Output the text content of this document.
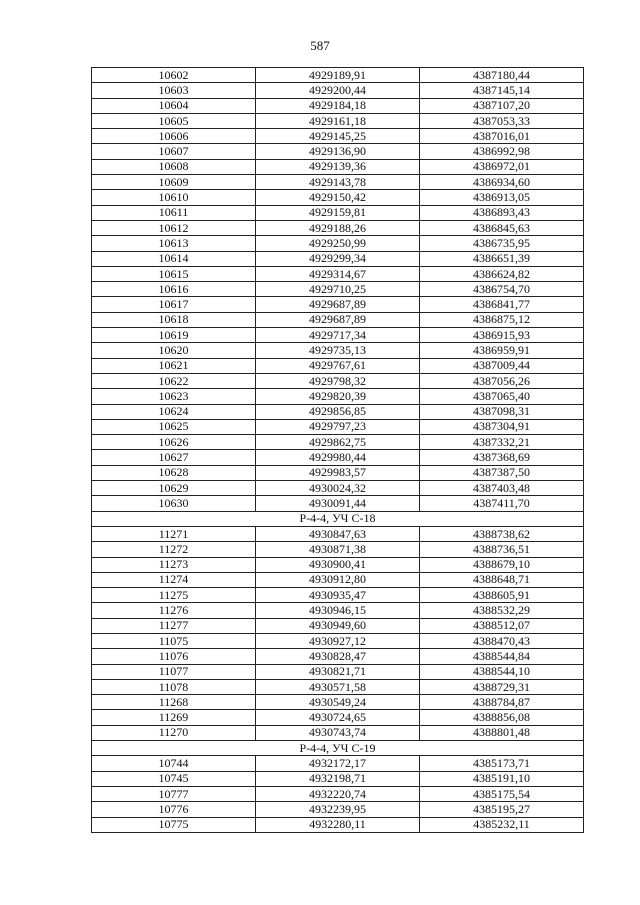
587
10602	4929189,91	4387180,44
10603	4929200,44	4387145,14
10604	4929184,18	4387107,20
10605	4929161,18	4387053,33
10606	4929145,25	4387016,01
10607	4929136,90	4386992,98
10608	4929139,36	4386972,01
10609	4929143,78	4386934,60
10610	4929150,42	4386913,05
10611	4929159,81	4386893,43
10612	4929188,26	4386845,63
10613	4929250,99	4386735,95
10614	4929299,34	4386651,39
10615	4929314,67	4386624,82
10616	4929710,25	4386754,70
10617	4929687,89	4386841,77
10618	4929687,89	4386875,12
10619	4929717,34	4386915,93
10620	4929735,13	4386959,91
10621	4929767,61	4387009,44
10622	4929798,32	4387056,26
10623	4929820,39	4387065,40
10624	4929856,85	4387098,31
10625	4929797,23	4387304,91
10626	4929862,75	4387332,21
10627	4929980,44	4387368,69
10628	4929983,57	4387387,50
10629	4930024,32	4387403,48
10630	4930091,44	4387411,70
Р-4-4, УЧ С-18		
11271	4930847,63	4388738,62
11272	4930871,38	4388736,51
11273	4930900,41	4388679,10
11274	4930912,80	4388648,71
11275	4930935,47	4388605,91
11276	4930946,15	4388532,29
11277	4930949,60	4388512,07
11075	4930927,12	4388470,43
11076	4930828,47	4388544,84
11077	4930821,71	4388544,10
11078	4930571,58	4388729,31
11268	4930549,24	4388784,87
11269	4930724,65	4388856,08
11270	4930743,74	4388801,48
Р-4-4, УЧ С-19		
10744	4932172,17	4385173,71
10745	4932198,71	4385191,10
10777	4932220,74	4385175,54
10776	4932239,95	4385195,27
10775	4932280,11	4385232,11
